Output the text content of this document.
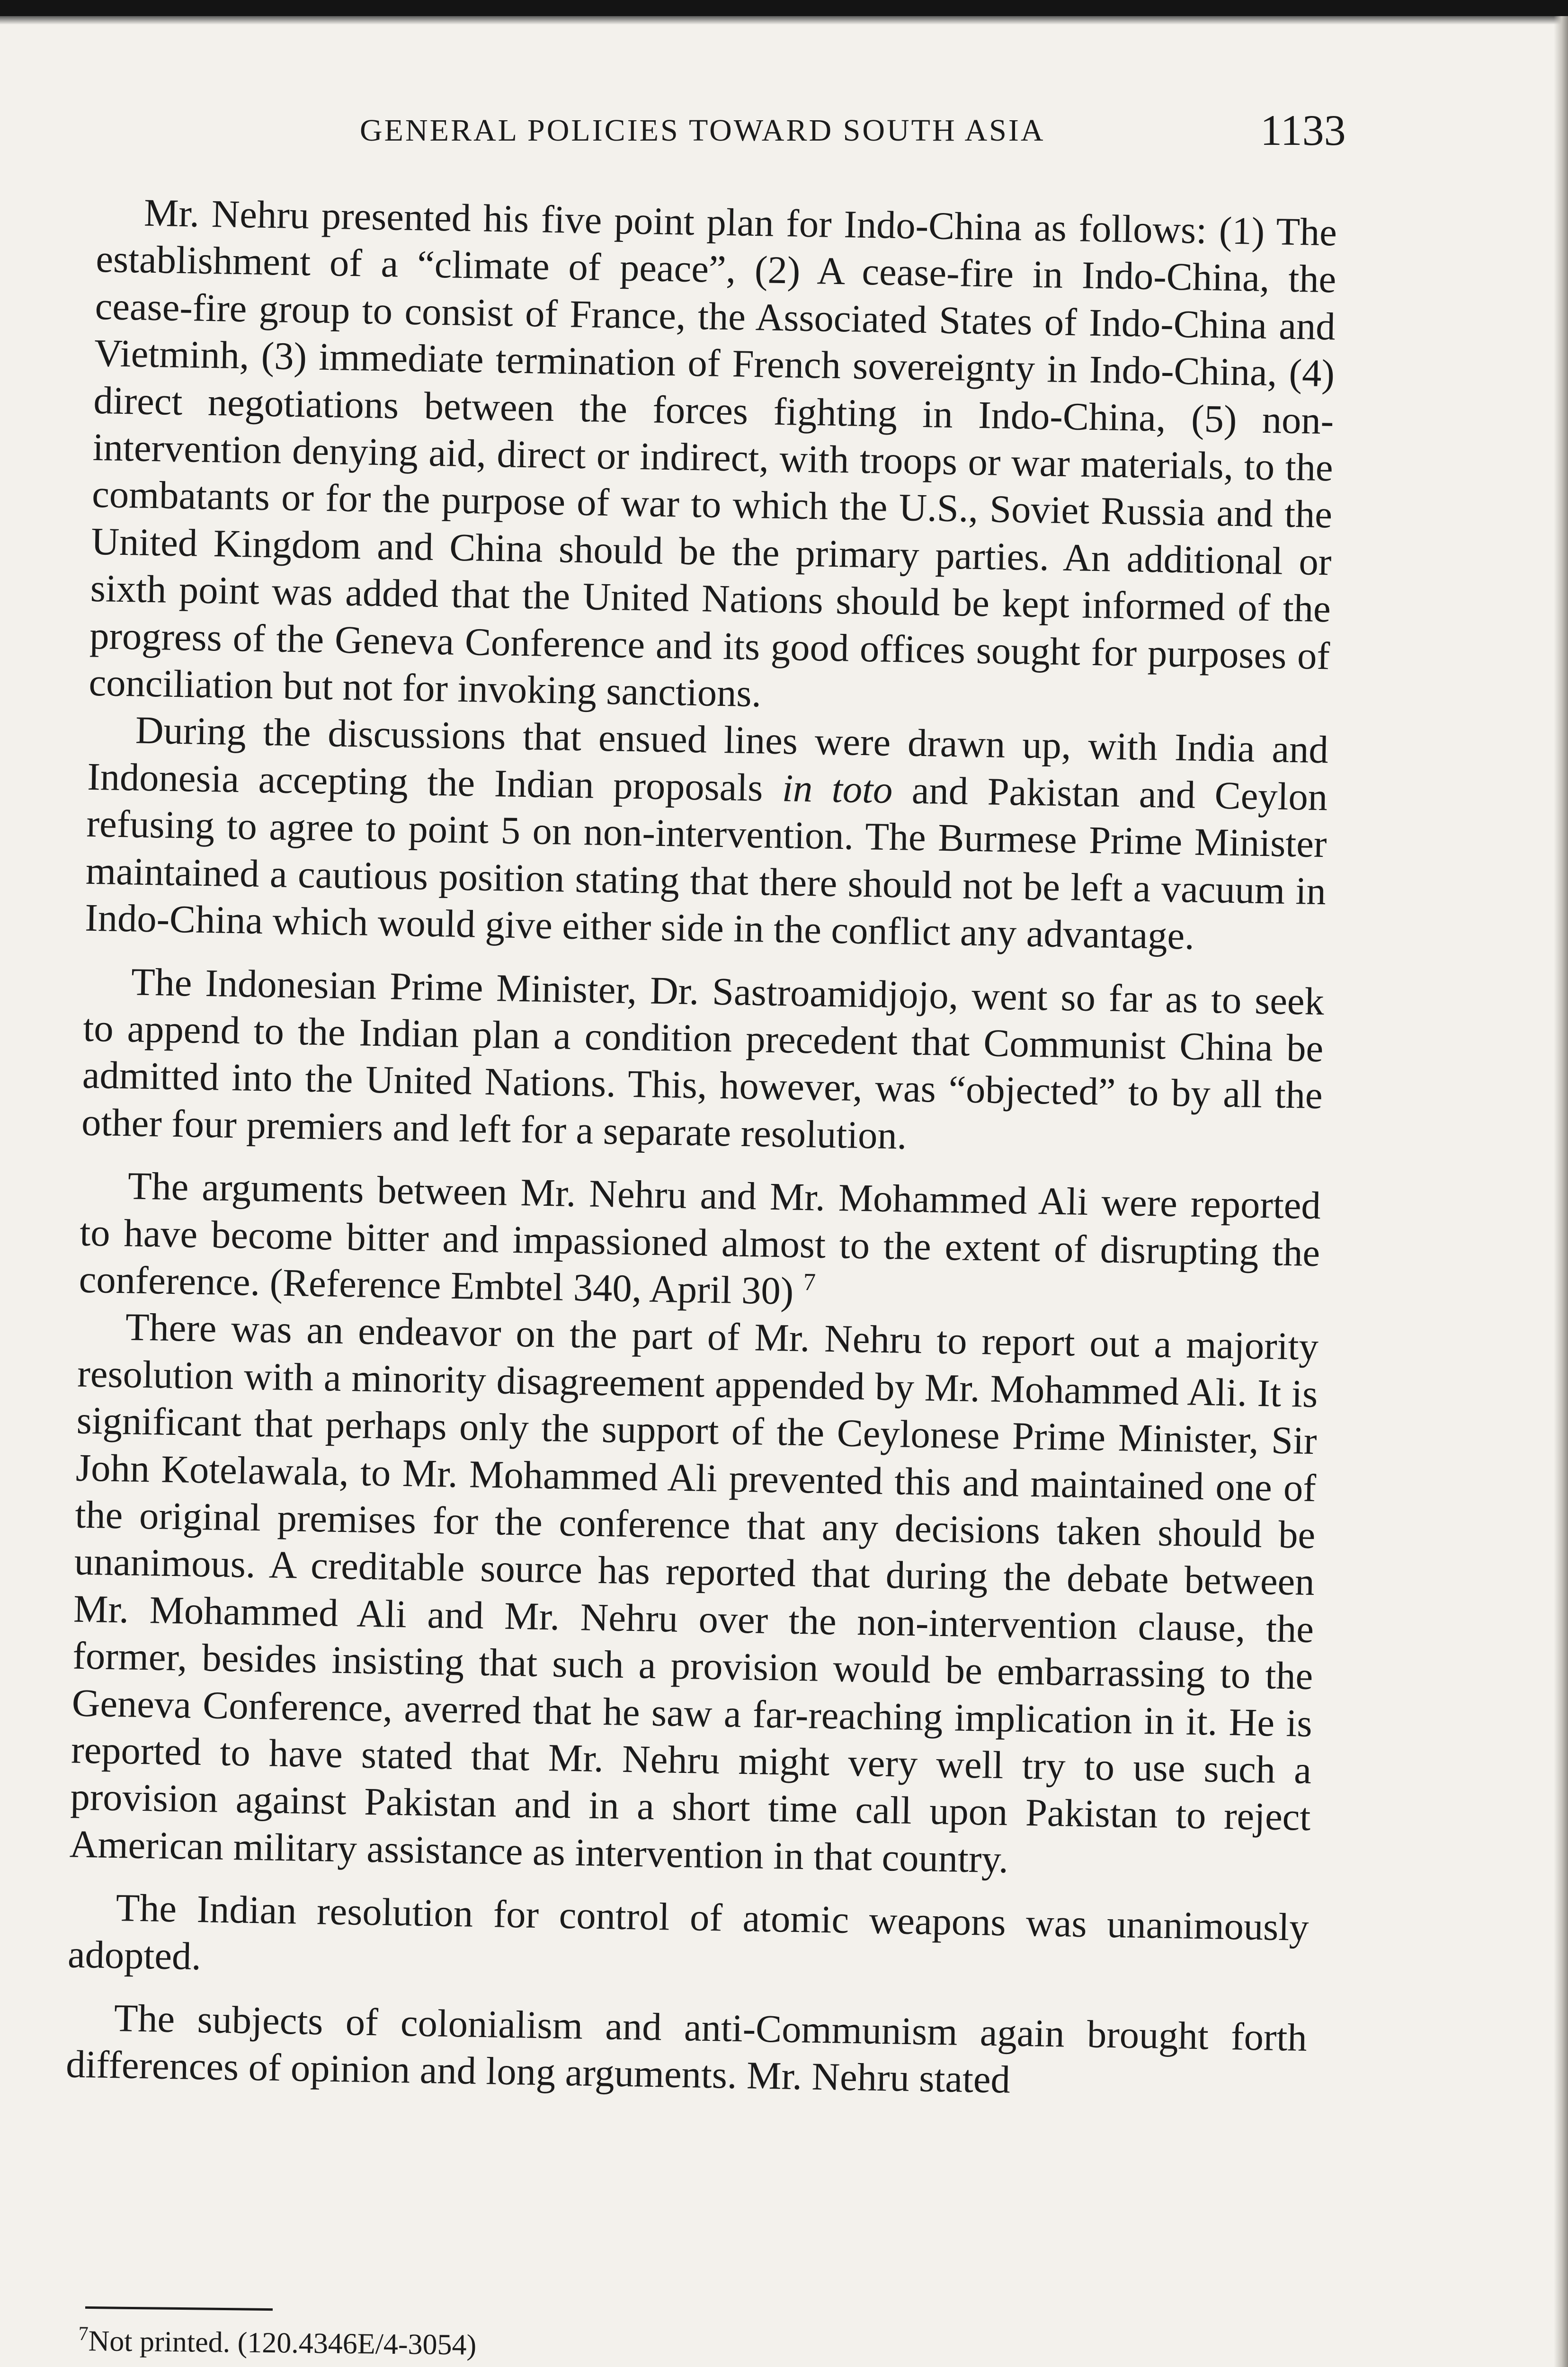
GENERAL POLICIES TOWARD SOUTH ASIA	1133

Mr. Nehru presented his five point plan for Indo-China as follows: (1) The establishment of a “climate of peace”, (2) A cease-fire in Indo-China, the cease-fire group to consist of France, the Associated States of Indo-China and Vietminh, (3) immediate termination of French sovereignty in Indo-China, (4) direct negotiations between the forces fighting in Indo-China, (5) non-intervention denying aid, direct or indirect, with troops or war materials, to the combatants or for the purpose of war to which the U.S., Soviet Russia and the United Kingdom and China should be the primary parties. An additional or sixth point was added that the United Nations should be kept informed of the progress of the Geneva Conference and its good offices sought for purposes of conciliation but not for invoking sanctions.

During the discussions that ensued lines were drawn up, with India and Indonesia accepting the Indian proposals in toto and Pakistan and Ceylon refusing to agree to point 5 on non-intervention. The Burmese Prime Minister maintained a cautious position stating that there should not be left a vacuum in Indo-China which would give either side in the conflict any advantage.

The Indonesian Prime Minister, Dr. Sastroamidjojo, went so far as to seek to append to the Indian plan a condition precedent that Communist China be admitted into the United Nations. This, however, was “objected” to by all the other four premiers and left for a separate resolution.

The arguments between Mr. Nehru and Mr. Mohammed Ali were reported to have become bitter and impassioned almost to the extent of disrupting the conference. (Reference Embtel 340, April 30) $^7$

There was an endeavor on the part of Mr. Nehru to report out a majority resolution with a minority disagreement appended by Mr. Mohammed Ali. It is significant that perhaps only the support of the Ceylonese Prime Minister, Sir John Kotelawala, to Mr. Mohammed Ali prevented this and maintained one of the original premises for the conference that any decisions taken should be unanimous. A creditable source has reported that during the debate between Mr. Mohammed Ali and Mr. Nehru over the non-intervention clause, the former, besides insisting that such a provision would be embarrassing to the Geneva Conference, averred that he saw a far-reaching implication in it. He is reported to have stated that Mr. Nehru might very well try to use such a provision against Pakistan and in a short time call upon Pakistan to reject American military assistance as intervention in that country.

The Indian resolution for control of atomic weapons was unanimously adopted.

The subjects of colonialism and anti-Communism again brought forth differences of opinion and long arguments. Mr. Nehru stated

$^7$Not printed. (120.4346E/4-3054)
